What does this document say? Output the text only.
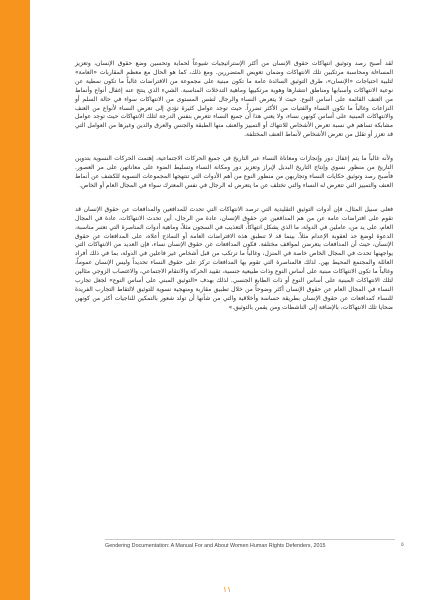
لقد أصبح رصد وتوثيق انتهاكات حقوق الإنسان من أكثر الإستراتيجيات شيوعاً لحماية وتحسين وضع حقوق الإنسان، وتعزيز المساءلة ومحاسبة مرتكبين تلك الانتهاكات وضمان تعويض المتضررين. ومع ذلك، كما هو الحال مع معظم المقاربات «العامة» لتلبية احتياجات «الإنسان»، طرق التوثيق السائدة عامة ما تكون مبنية على مجموعة من الافتراضات غالباً ما تكون نمطية عن نوعية الانتهاكات وأسبابها ومناطق انتشارها وهوية مرتكبيها وماهية التدخلات المناسبة. الشيء الذي ينتج عنه إغفال أنواع وأنماط من العنف القائمة على أساس النوع. حيث لا يتعرض النساء والرجال لنفس المستوى من الانتهاكات سواء في حالة السلم أو النزاعات وغالباً ما تكون النساء والفتيات من الأكثر تضرراً. حيث توجد عوامل كثيرة تؤدي إلى تعرض النساء لأنواع من العنف والانتهاكات المبنية على أساس كونهن نساء، ولا يعني هذا أن جميع النساء تتعرض بنفس الدرجة لتلك الانتهاكات حيث توجد عوامل مشابكة تساهم في نسبة تعرض الأشخاص للانتهاك أو التمييز والعنف منها الطبقة والجنس والعرق والدين وغيرها من العوامل التي قد تعزز أو تقلل من تعرض الأشخاص لأنماط العنف المختلفة.

ولأنه غالباً ما يتم إغفال دور وإنجازات ومعاناة النساء عبر التاريخ في جميع الحركات الاجتماعية، إهتمت الحركات النسوية بتدوين التاريخ من منظور نسوي وإنتاج التاريخ البديل لإبراز وتعزيز دور ومكانة النساء وتسليط الضوء على معاناتهن على مر العصور. فأصبح رصد وتوثيق حكايات النساء وتجاربهن من منظور النوع من أهم الأدوات التي تنتهجها المجموعات النسوية للكشف عن أنماط العنف والتمييز التي تتعرض له النساء والتي تختلف عن ما يتعرض له الرجال في نفس المعترك سواء في المجال العام أو الخاص.

فعلى سبيل المثال، فإن أدوات التوثيق التقليدية التي ترصد الانتهاكات التي تحدث للمدافعين والمدافعات عن حقوق الإنسان قد تقوم على افتراضات عامة عن من هم المدافعين عن حقوق الإنسان، عادة من الرجال، أين تحدث الانتهاكات، عادة في المجال العام، على يد من، عاملين في الدولة، ما الذي يشكل انتهاكاً، التعذيب في السجون مثلاً، وماهية أدوات المناصرة التي تعتبر مناسبة، الدعوة لوضع حد لعقوبة الإعدام مثلاً. بينما قد لا تنطبق هذه الافتراضات العامة أو النماذج أعلاه، على المدافعات عن حقوق الإنسان، حيث أن المدافعات يتعرضن لمواقف مختلفة. فكون المدافعات عن حقوق الإنسان نساء، فإن العديد من الانتهاكات التي يواجهنها تحدث في المجال الخاص خاصة في المنزل، وغالباً ما ترتكب من قبل أشخاص غير فاعلين في الدولة، بما في ذلك أفراد العائلة والمجتمع المحيط بهن. لذلك فالمناصرة التي تقوم بها المدافعات تركز على حقوق النساء تحديداً وليس الإنسان عموماً، وغالباً ما تكون الانتهاكات مبنية على أساس النوع وذات طبيعية جنسية، تقييد الحركة والانتقام الاجتماعي، والاغتصاب الزوجي مثالين لتلك الانتهاكات المبنية على أساس النوع أو ذات الطابع الجنسي. لذلك بهدف «التوثيق المبني على أساس النوع» لجعل تجارب النساء في المجال العام عن حقوق الإنسان أكثر وضوحاً من خلال تطبيق مقاربة ومنهجية نسوية للتوثيق لالتقاط التجارب الفريدة للنساء كمدافعات عن حقوق الإنسان بطريقة حساسة وأخلاقية والتي من شأنها أن تولد شعور بالتمكين للناجيات أكثر من كونهن ضحايا تلك الانتهاكات، بالإضافة إلى الناشطات ومن يقمن بالتوثيق.»

٥
Gendering Documentation: A Manual For and About Women Human Rights Defenders, 2015
١١
